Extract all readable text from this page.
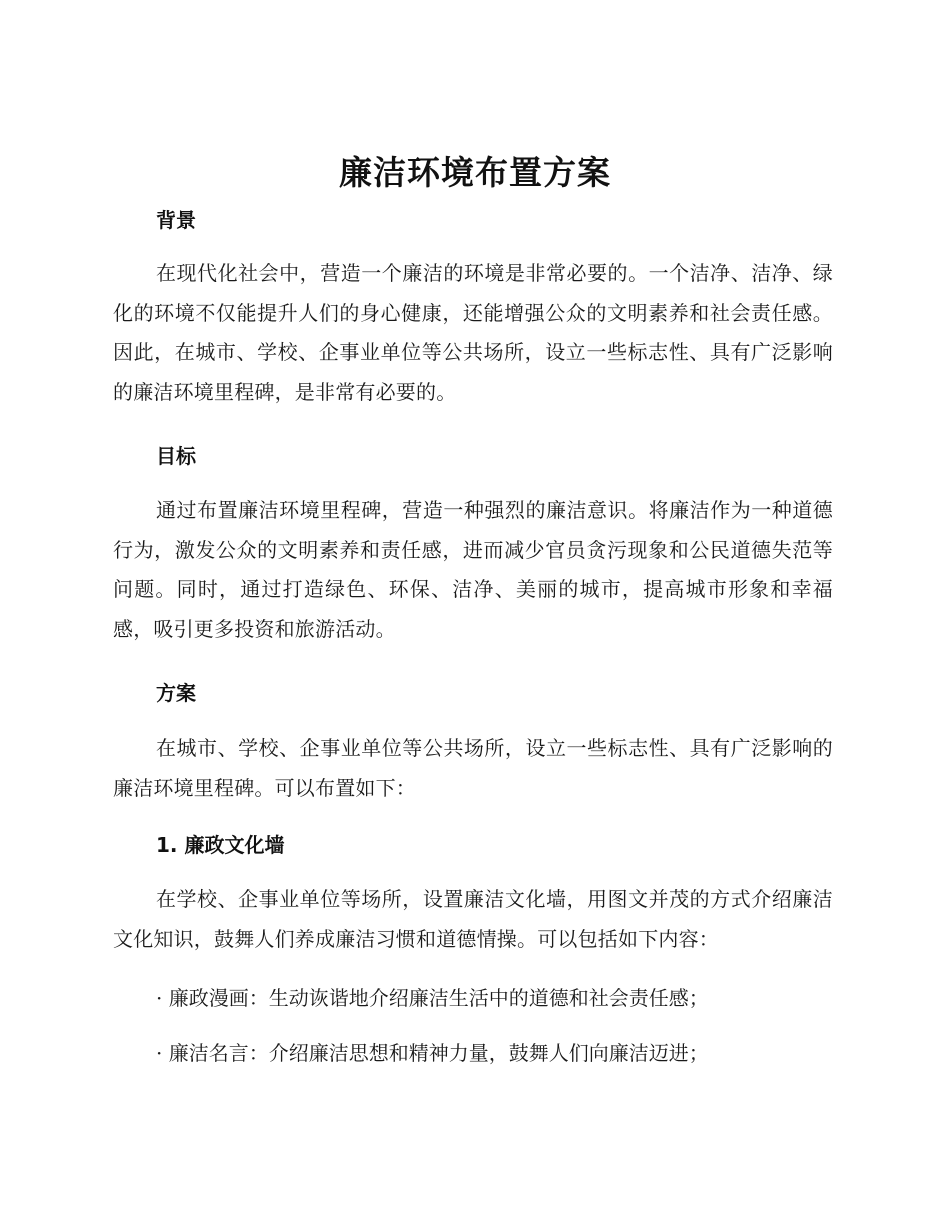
廉洁环境布置方案
背景

在现代化社会中，营造一个廉洁的环境是非常必要的。一个洁净、洁净、绿化的环境不仅能提升人们的身心健康，还能增强公众的文明素养和社会责任感。因此，在城市、学校、企事业单位等公共场所，设立一些标志性、具有广泛影响的廉洁环境里程碑，是非常有必要的。

目标

通过布置廉洁环境里程碑，营造一种强烈的廉洁意识。将廉洁作为一种道德行为，激发公众的文明素养和责任感，进而减少官员贪污现象和公民道德失范等问题。同时，通过打造绿色、环保、洁净、美丽的城市，提高城市形象和幸福感，吸引更多投资和旅游活动。

方案

在城市、学校、企事业单位等公共场所，设立一些标志性、具有广泛影响的廉洁环境里程碑。可以布置如下：

1. 廉政文化墙

在学校、企事业单位等场所，设置廉洁文化墙，用图文并茂的方式介绍廉洁文化知识，鼓舞人们养成廉洁习惯和道德情操。可以包括如下内容：

· 廉政漫画：生动诙谐地介绍廉洁生活中的道德和社会责任感；
· 廉洁名言：介绍廉洁思想和精神力量，鼓舞人们向廉洁迈进；
